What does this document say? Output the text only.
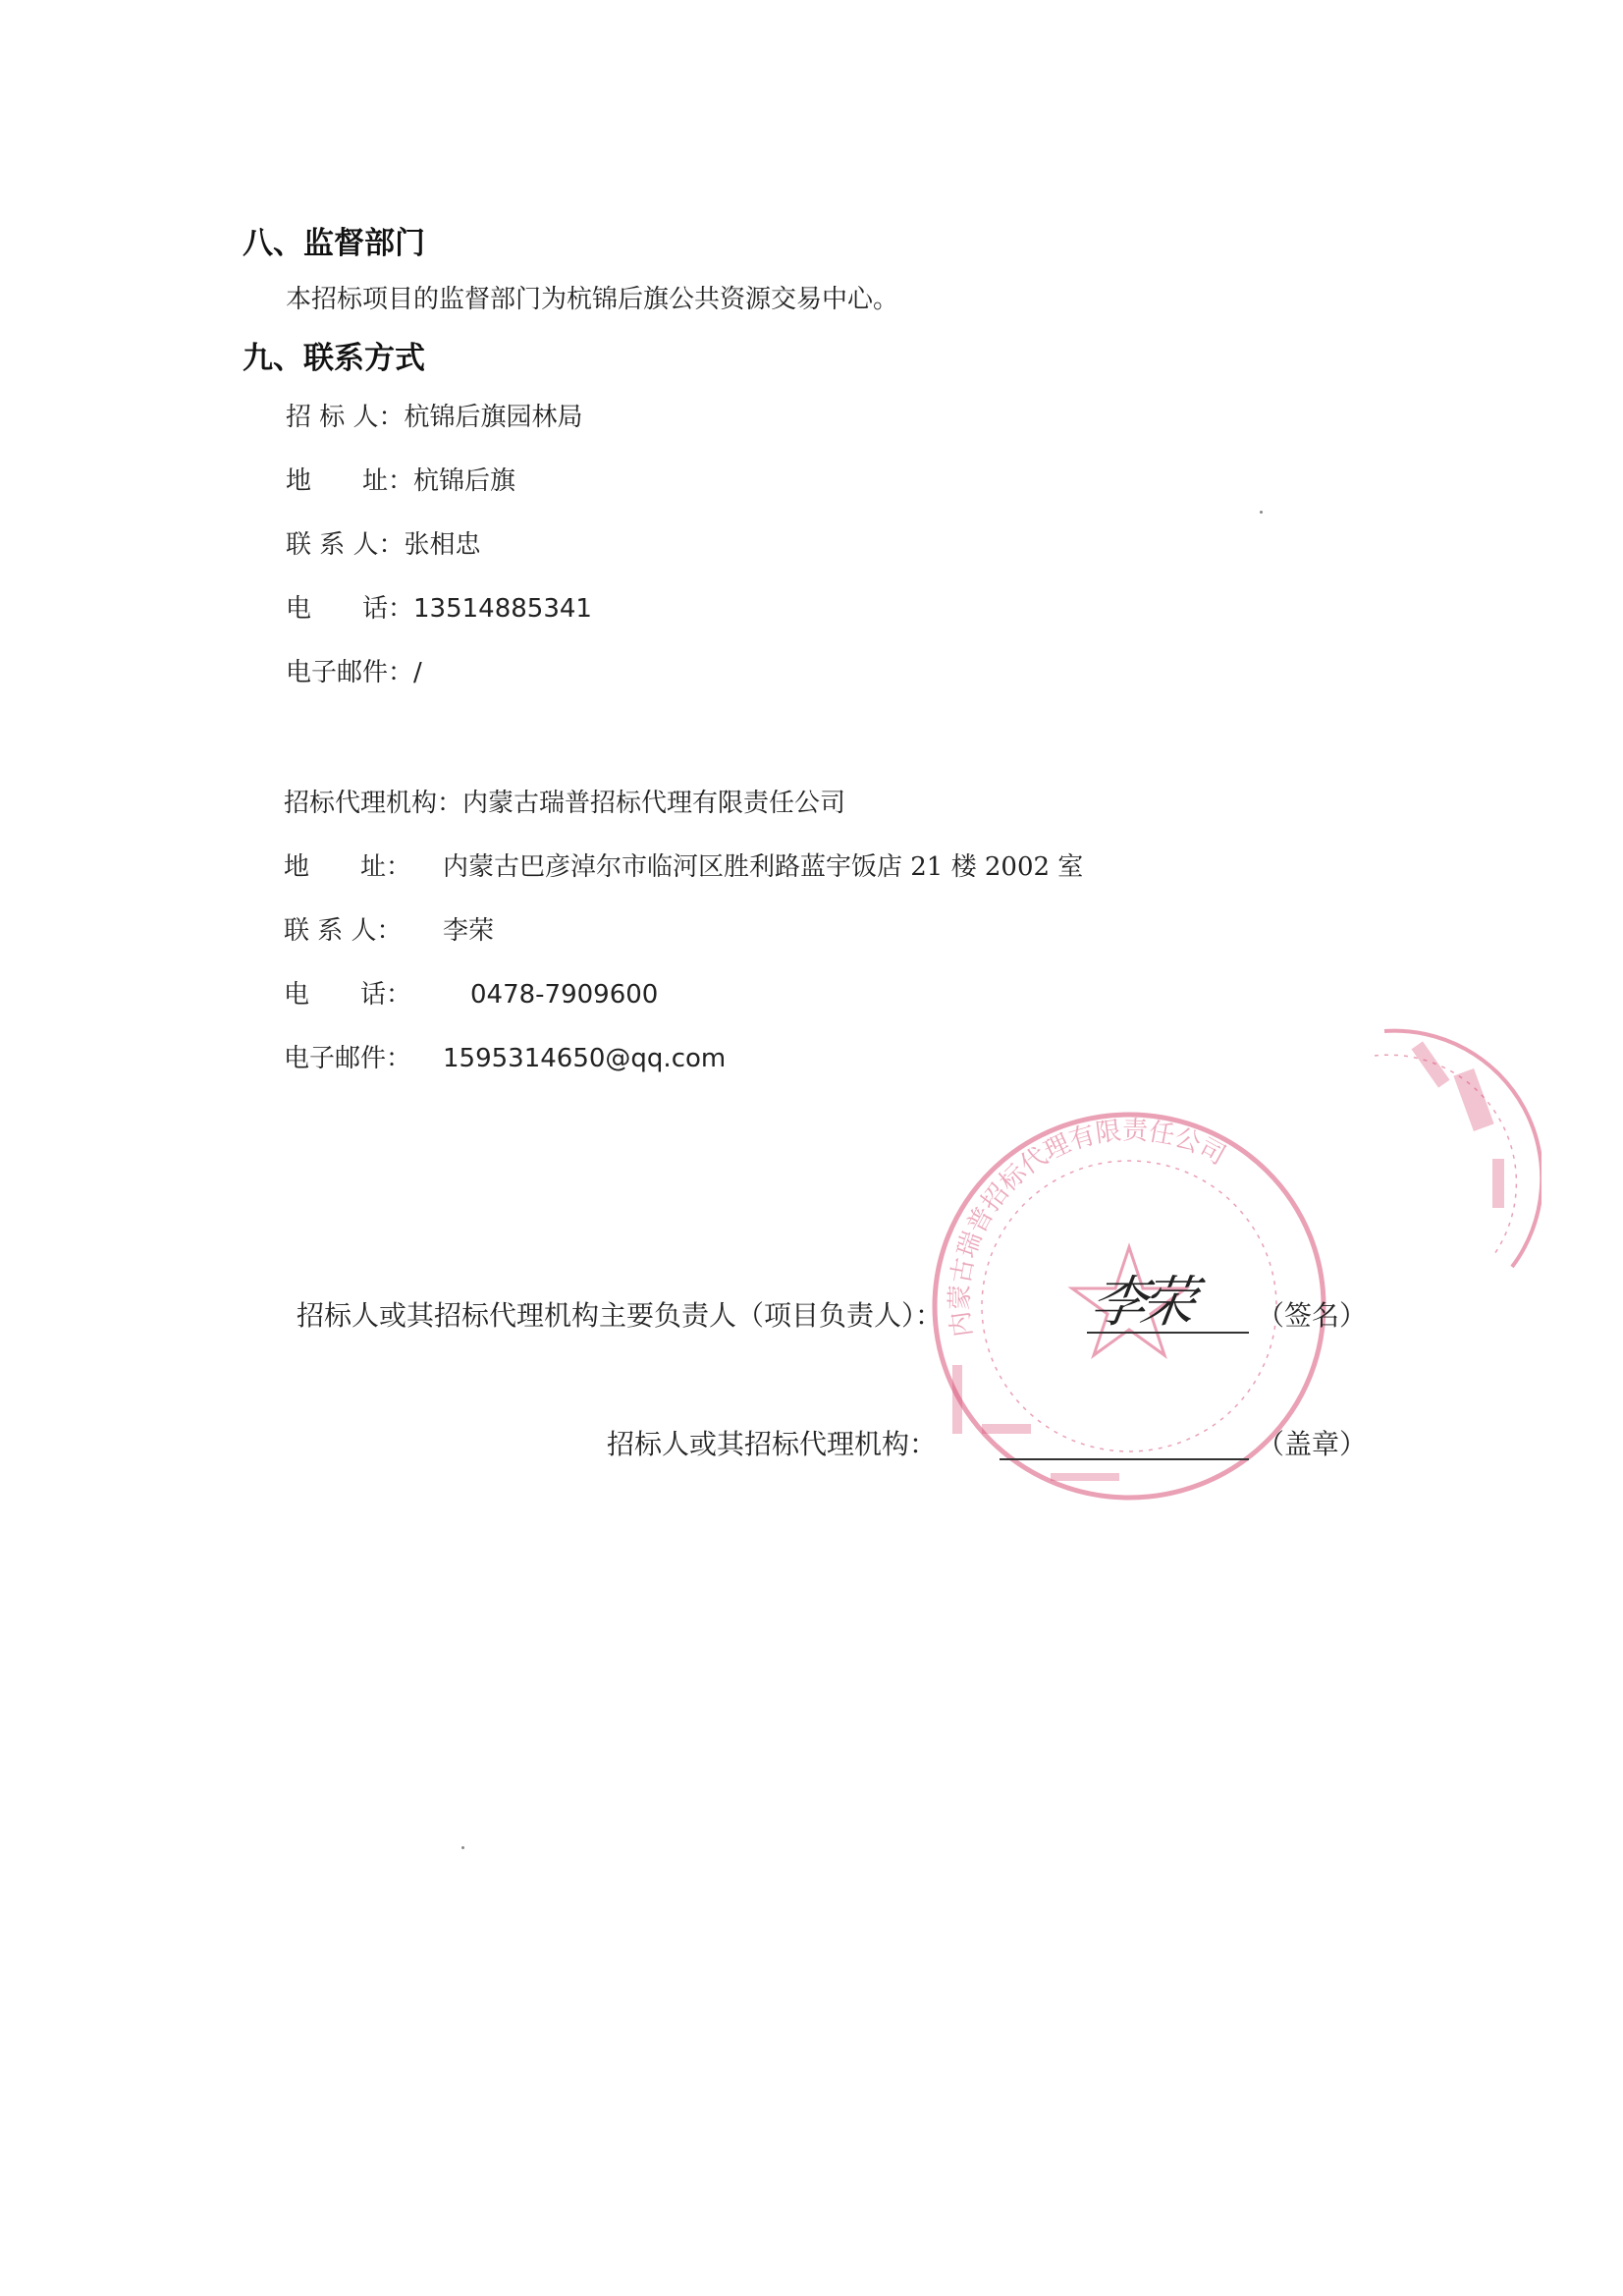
八、监督部门
本招标项目的监督部门为杭锦后旗公共资源交易中心。
九、联系方式
招 标 人：杭锦后旗园林局
地　　址：杭锦后旗
联 系 人：张相忠
电　　话：13514885341
电子邮件：/
招标代理机构：内蒙古瑞普招标代理有限责任公司
地　　址： 内蒙古巴彦淖尔市临河区胜利路蓝宇饭店 21 楼 2002 室
联 系 人： 李荣
电　　话： 0478-7909600
电子邮件： 1595314650@qq.com
内蒙古瑞普招标代理有限责任公司
招标人或其招标代理机构主要负责人（项目负责人）：	李荣 （签名）
招标人或其招标代理机构：	（盖章）
